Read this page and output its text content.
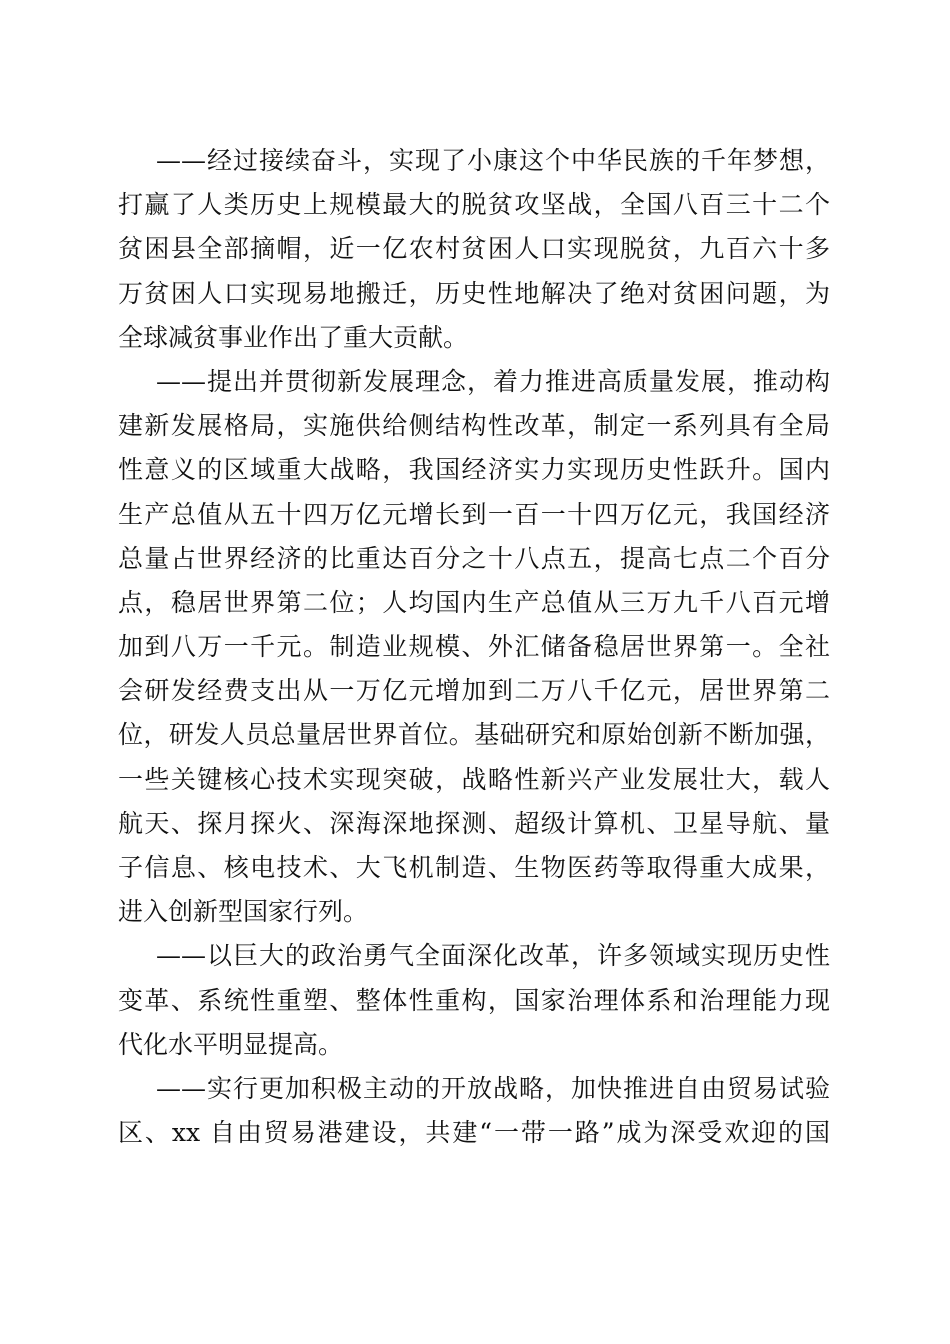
——经过接续奋斗，实现了小康这个中华民族的千年梦想，
打赢了人类历史上规模最大的脱贫攻坚战，全国八百三十二个
贫困县全部摘帽，近一亿农村贫困人口实现脱贫，九百六十多
万贫困人口实现易地搬迁，历史性地解决了绝对贫困问题，为
全球减贫事业作出了重大贡献。
——提出并贯彻新发展理念，着力推进高质量发展，推动构
建新发展格局，实施供给侧结构性改革，制定一系列具有全局
性意义的区域重大战略，我国经济实力实现历史性跃升。国内
生产总值从五十四万亿元增长到一百一十四万亿元，我国经济
总量占世界经济的比重达百分之十八点五，提高七点二个百分
点，稳居世界第二位；人均国内生产总值从三万九千八百元增
加到八万一千元。制造业规模、外汇储备稳居世界第一。全社
会研发经费支出从一万亿元增加到二万八千亿元，居世界第二
位，研发人员总量居世界首位。基础研究和原始创新不断加强，
一些关键核心技术实现突破，战略性新兴产业发展壮大，载人
航天、探月探火、深海深地探测、超级计算机、卫星导航、量
子信息、核电技术、大飞机制造、生物医药等取得重大成果，
进入创新型国家行列。
——以巨大的政治勇气全面深化改革，许多领域实现历史性
变革、系统性重塑、整体性重构，国家治理体系和治理能力现
代化水平明显提高。
——实行更加积极主动的开放战略，加快推进自由贸易试验
区、xx 自由贸易港建设，共建“一带一路”成为深受欢迎的国
